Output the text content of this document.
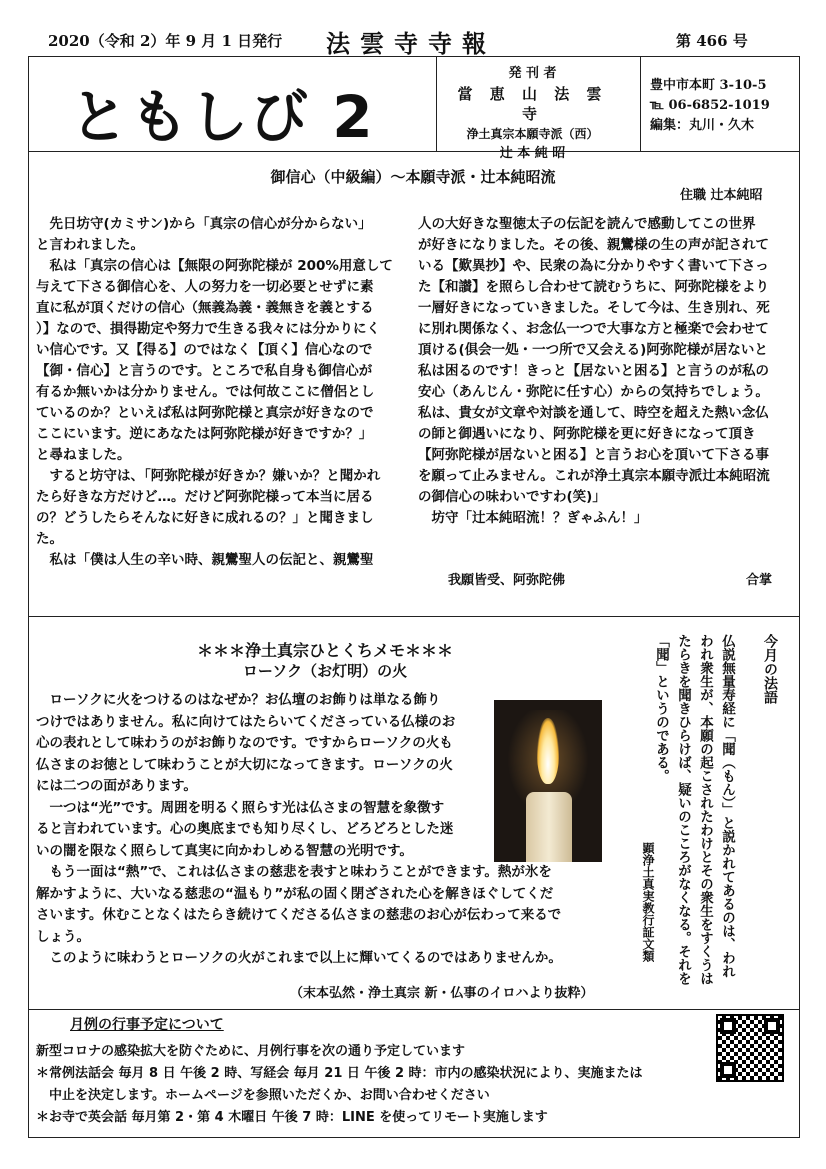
2020（令和 2）年 9 月 1 日発行 法雲寺寺報	第 466 号
ともしび 2
発 刊 者
當 恵 山 法 雲 寺
浄土真宗本願寺派（西）
辻 本 純 昭
豊中市本町 3-10-5
℡ 06-6852-1019
編集：丸川・久木
御信心（中級編）～本願寺派・辻本純昭流
住職 辻本純昭
　先日坊守(カミサン)から「真宗の信心が分からない」
と言われました。
　私は「真宗の信心は【無限の阿弥陀様が 200%用意して
与えて下さる御信心を、人の努力を一切必要とせずに素
直に私が頂くだけの信心（無義為義・義無きを義とする
）】なので、損得勘定や努力で生きる我々には分かりにく
い信心です。又【得る】のではなく【頂く】信心なので
【御・信心】と言うのです。ところで私自身も御信心が
有るか無いかは分かりません。では何故ここに僧侶とし
ているのか？といえば私は阿弥陀様と真宗が好きなので
ここにいます。逆にあなたは阿弥陀様が好きですか？」
と尋ねました。
　すると坊守は、｢阿弥陀様が好きか？嫌いか？と聞かれ
たら好きな方だけど…。だけど阿弥陀様って本当に居る
の？どうしたらそんなに好きに成れるの？」と聞きまし
た。
　私は「僕は人生の辛い時、親鸞聖人の伝記と、親鸞聖
人の大好きな聖徳太子の伝記を読んで感動してこの世界
が好きになりました。その後、親鸞様の生の声が記されて
いる【歎異抄】や、民衆の為に分かりやすく書いて下さっ
た【和讃】を照らし合わせて読むうちに、阿弥陀様をより
一層好きになっていきました。そして今は、生き別れ、死
に別れ関係なく、お念仏一つで大事な方と極楽で会わせて
頂ける(倶会一処・一つ所で又会える)阿弥陀様が居ないと
私は困るのです！きっと【居ないと困る】と言うのが私の
安心（あんじん・弥陀に任す心）からの気持ちでしょう。
私は、貴女が文章や対談を通して、時空を超えた熱い念仏
の師と御遇いになり、阿弥陀様を更に好きになって頂き
【阿弥陀様が居ないと困る】と言うお心を頂いて下さる事
を願って止みません。これが浄土真宗本願寺派辻本純昭流
の御信心の味わいですわ(笑)」
　坊守「辻本純昭流！？ぎゃふん！」
我願皆受、阿弥陀佛	合掌
＊＊＊浄土真宗ひとくちメモ＊＊＊
ローソク（お灯明）の火
　ローソクに火をつけるのはなぜか？お仏壇のお飾りは単なる飾り
つけではありません。私に向けてはたらいてくださっている仏様のお
心の表れとして味わうのがお飾りなのです。ですからローソクの火も
仏さまのお徳として味わうことが大切になってきます。ローソクの火
には二つの面があります。
　一つは“光”です。周囲を明るく照らす光は仏さまの智慧を象徴す
ると言われています。心の奥底までも知り尽くし、どろどろとした迷
いの闇を限なく照らして真実に向かわしめる智慧の光明です。
　もう一面は“熱”で、これは仏さまの慈悲を表すと味わうことができます。熱が氷を
解かすように、大いなる慈悲の“温もり”が私の固く閉ざされた心を解きほぐしてくだ
さいます。休むことなくはたらき続けてくださる仏さまの慈悲のお心が伝わって来るで
しょう。
　このように味わうとローソクの火がこれまで以上に輝いてくるのではありませんか。
（末本弘然・浄土真宗 新・仏事のイロハより抜粋）
今月の法語
仏説無量寿経に「聞（もん）」と説かれてあるのは、われわれ衆生が、本願の起こされたわけとその衆生をすくうはたらきを聞きひらけば、疑いのこころがなくなる。それを「聞」というのである。
顕浄土真実教行証文類
月例の行事予定について
新型コロナの感染拡大を防ぐために、月例行事を次の通り予定しています
＊常例法話会 毎月 8 日 午後 2 時、写経会 毎月 21 日 午後 2 時：市内の感染状況により、実施または
　中止を決定します。ホームページを参照いただくか、お問い合わせください
＊お寺で英会話 毎月第 2・第 4 木曜日 午後 7 時：LINE を使ってリモート実施します
